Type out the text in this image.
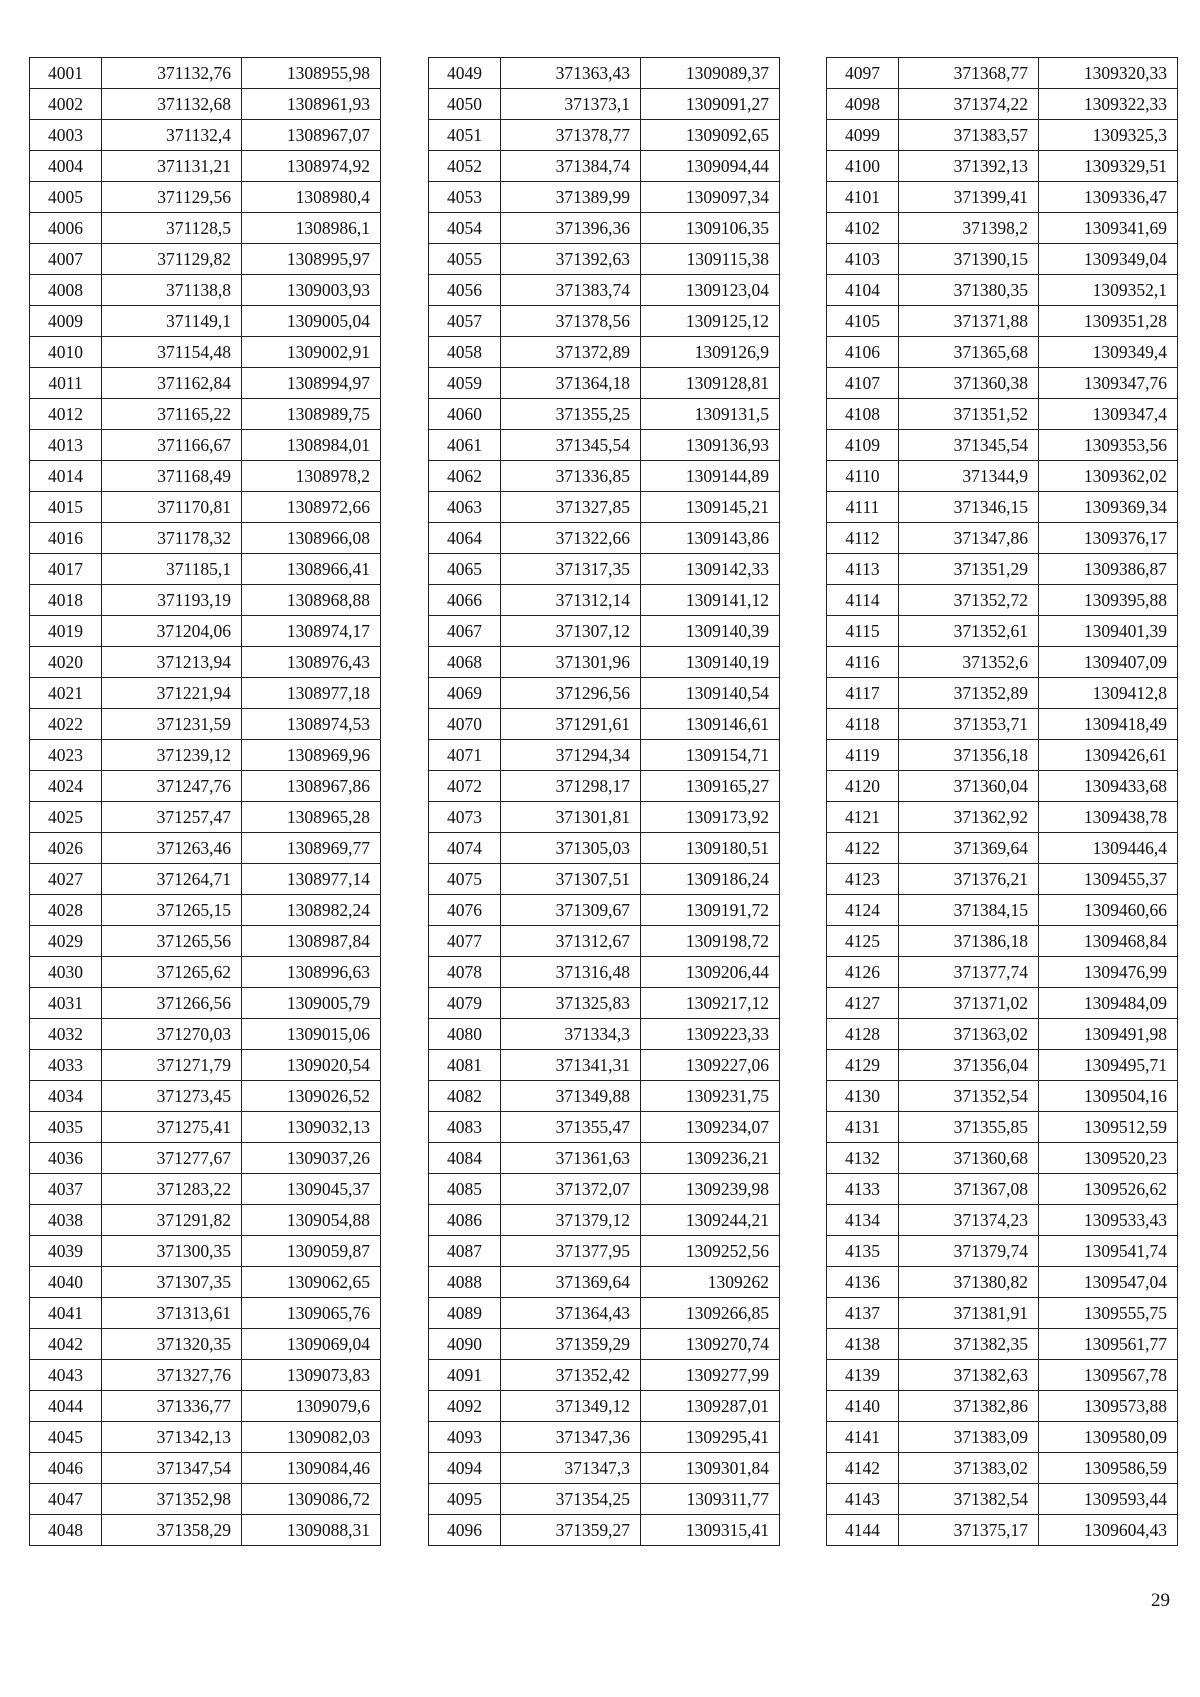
4001	371132,76	1308955,98
4002	371132,68	1308961,93
4003	371132,4	1308967,07
4004	371131,21	1308974,92
4005	371129,56	1308980,4
4006	371128,5	1308986,1
4007	371129,82	1308995,97
4008	371138,8	1309003,93
4009	371149,1	1309005,04
4010	371154,48	1309002,91
4011	371162,84	1308994,97
4012	371165,22	1308989,75
4013	371166,67	1308984,01
4014	371168,49	1308978,2
4015	371170,81	1308972,66
4016	371178,32	1308966,08
4017	371185,1	1308966,41
4018	371193,19	1308968,88
4019	371204,06	1308974,17
4020	371213,94	1308976,43
4021	371221,94	1308977,18
4022	371231,59	1308974,53
4023	371239,12	1308969,96
4024	371247,76	1308967,86
4025	371257,47	1308965,28
4026	371263,46	1308969,77
4027	371264,71	1308977,14
4028	371265,15	1308982,24
4029	371265,56	1308987,84
4030	371265,62	1308996,63
4031	371266,56	1309005,79
4032	371270,03	1309015,06
4033	371271,79	1309020,54
4034	371273,45	1309026,52
4035	371275,41	1309032,13
4036	371277,67	1309037,26
4037	371283,22	1309045,37
4038	371291,82	1309054,88
4039	371300,35	1309059,87
4040	371307,35	1309062,65
4041	371313,61	1309065,76
4042	371320,35	1309069,04
4043	371327,76	1309073,83
4044	371336,77	1309079,6
4045	371342,13	1309082,03
4046	371347,54	1309084,46
4047	371352,98	1309086,72
4048	371358,29	1309088,31
4049	371363,43	1309089,37
4050	371373,1	1309091,27
4051	371378,77	1309092,65
4052	371384,74	1309094,44
4053	371389,99	1309097,34
4054	371396,36	1309106,35
4055	371392,63	1309115,38
4056	371383,74	1309123,04
4057	371378,56	1309125,12
4058	371372,89	1309126,9
4059	371364,18	1309128,81
4060	371355,25	1309131,5
4061	371345,54	1309136,93
4062	371336,85	1309144,89
4063	371327,85	1309145,21
4064	371322,66	1309143,86
4065	371317,35	1309142,33
4066	371312,14	1309141,12
4067	371307,12	1309140,39
4068	371301,96	1309140,19
4069	371296,56	1309140,54
4070	371291,61	1309146,61
4071	371294,34	1309154,71
4072	371298,17	1309165,27
4073	371301,81	1309173,92
4074	371305,03	1309180,51
4075	371307,51	1309186,24
4076	371309,67	1309191,72
4077	371312,67	1309198,72
4078	371316,48	1309206,44
4079	371325,83	1309217,12
4080	371334,3	1309223,33
4081	371341,31	1309227,06
4082	371349,88	1309231,75
4083	371355,47	1309234,07
4084	371361,63	1309236,21
4085	371372,07	1309239,98
4086	371379,12	1309244,21
4087	371377,95	1309252,56
4088	371369,64	1309262
4089	371364,43	1309266,85
4090	371359,29	1309270,74
4091	371352,42	1309277,99
4092	371349,12	1309287,01
4093	371347,36	1309295,41
4094	371347,3	1309301,84
4095	371354,25	1309311,77
4096	371359,27	1309315,41
4097	371368,77	1309320,33
4098	371374,22	1309322,33
4099	371383,57	1309325,3
4100	371392,13	1309329,51
4101	371399,41	1309336,47
4102	371398,2	1309341,69
4103	371390,15	1309349,04
4104	371380,35	1309352,1
4105	371371,88	1309351,28
4106	371365,68	1309349,4
4107	371360,38	1309347,76
4108	371351,52	1309347,4
4109	371345,54	1309353,56
4110	371344,9	1309362,02
4111	371346,15	1309369,34
4112	371347,86	1309376,17
4113	371351,29	1309386,87
4114	371352,72	1309395,88
4115	371352,61	1309401,39
4116	371352,6	1309407,09
4117	371352,89	1309412,8
4118	371353,71	1309418,49
4119	371356,18	1309426,61
4120	371360,04	1309433,68
4121	371362,92	1309438,78
4122	371369,64	1309446,4
4123	371376,21	1309455,37
4124	371384,15	1309460,66
4125	371386,18	1309468,84
4126	371377,74	1309476,99
4127	371371,02	1309484,09
4128	371363,02	1309491,98
4129	371356,04	1309495,71
4130	371352,54	1309504,16
4131	371355,85	1309512,59
4132	371360,68	1309520,23
4133	371367,08	1309526,62
4134	371374,23	1309533,43
4135	371379,74	1309541,74
4136	371380,82	1309547,04
4137	371381,91	1309555,75
4138	371382,35	1309561,77
4139	371382,63	1309567,78
4140	371382,86	1309573,88
4141	371383,09	1309580,09
4142	371383,02	1309586,59
4143	371382,54	1309593,44
4144	371375,17	1309604,43
29
